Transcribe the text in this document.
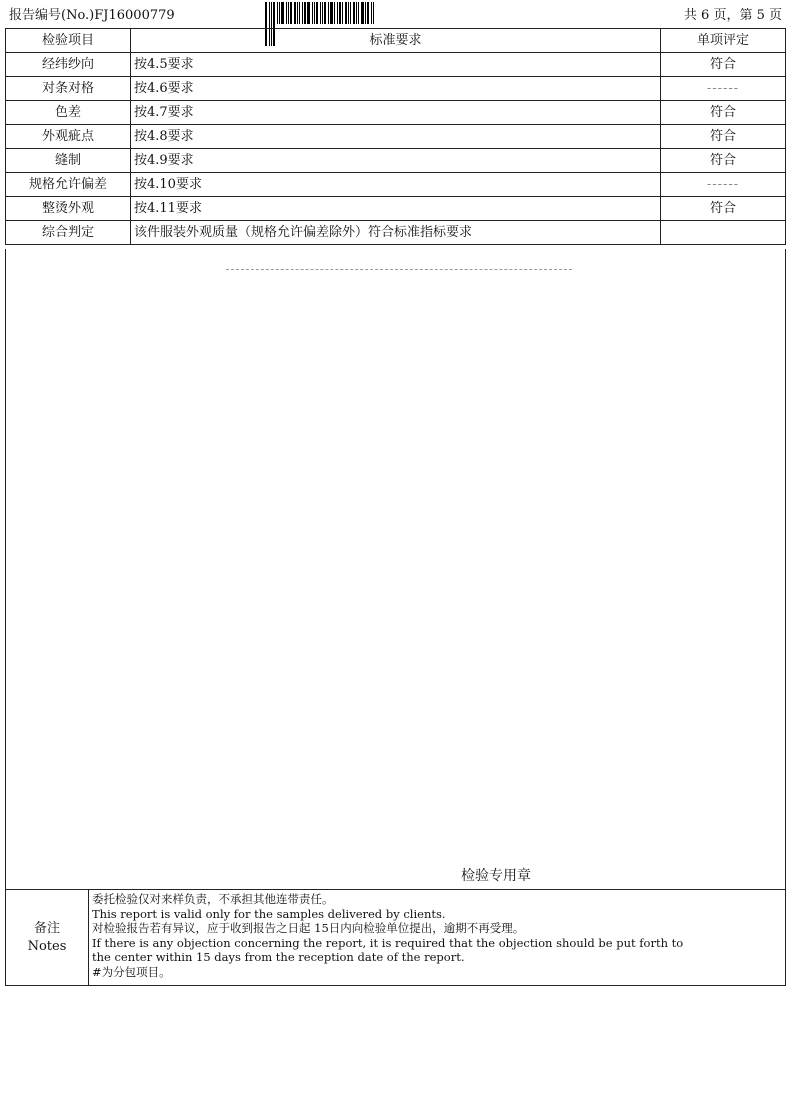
报告编号(No.)FJ16000779	共 6 页，第 5 页
检验项目	标准要求	单项评定
经纬纱向	按4.5要求	符合
对条对格	按4.6要求	------
色差	按4.7要求	符合
外观疵点	按4.8要求	符合
缝制	按4.9要求	符合
规格允许偏差	按4.10要求	------
整烫外观	按4.11要求	符合
综合判定	该件服装外观质量（规格允许偏差除外）符合标准指标要求	
检验专用章
备注
Notes
委托检验仅对来样负责，不承担其他连带责任。
This report is valid only for the samples delivered by clients.
对检验报告若有异议，应于收到报告之日起 15日内向检验单位提出，逾期不再受理。
If there is any objection concerning the report, it is required that the objection should be put forth to
the center within 15 days from the reception date of the report.
#为分包项目。
